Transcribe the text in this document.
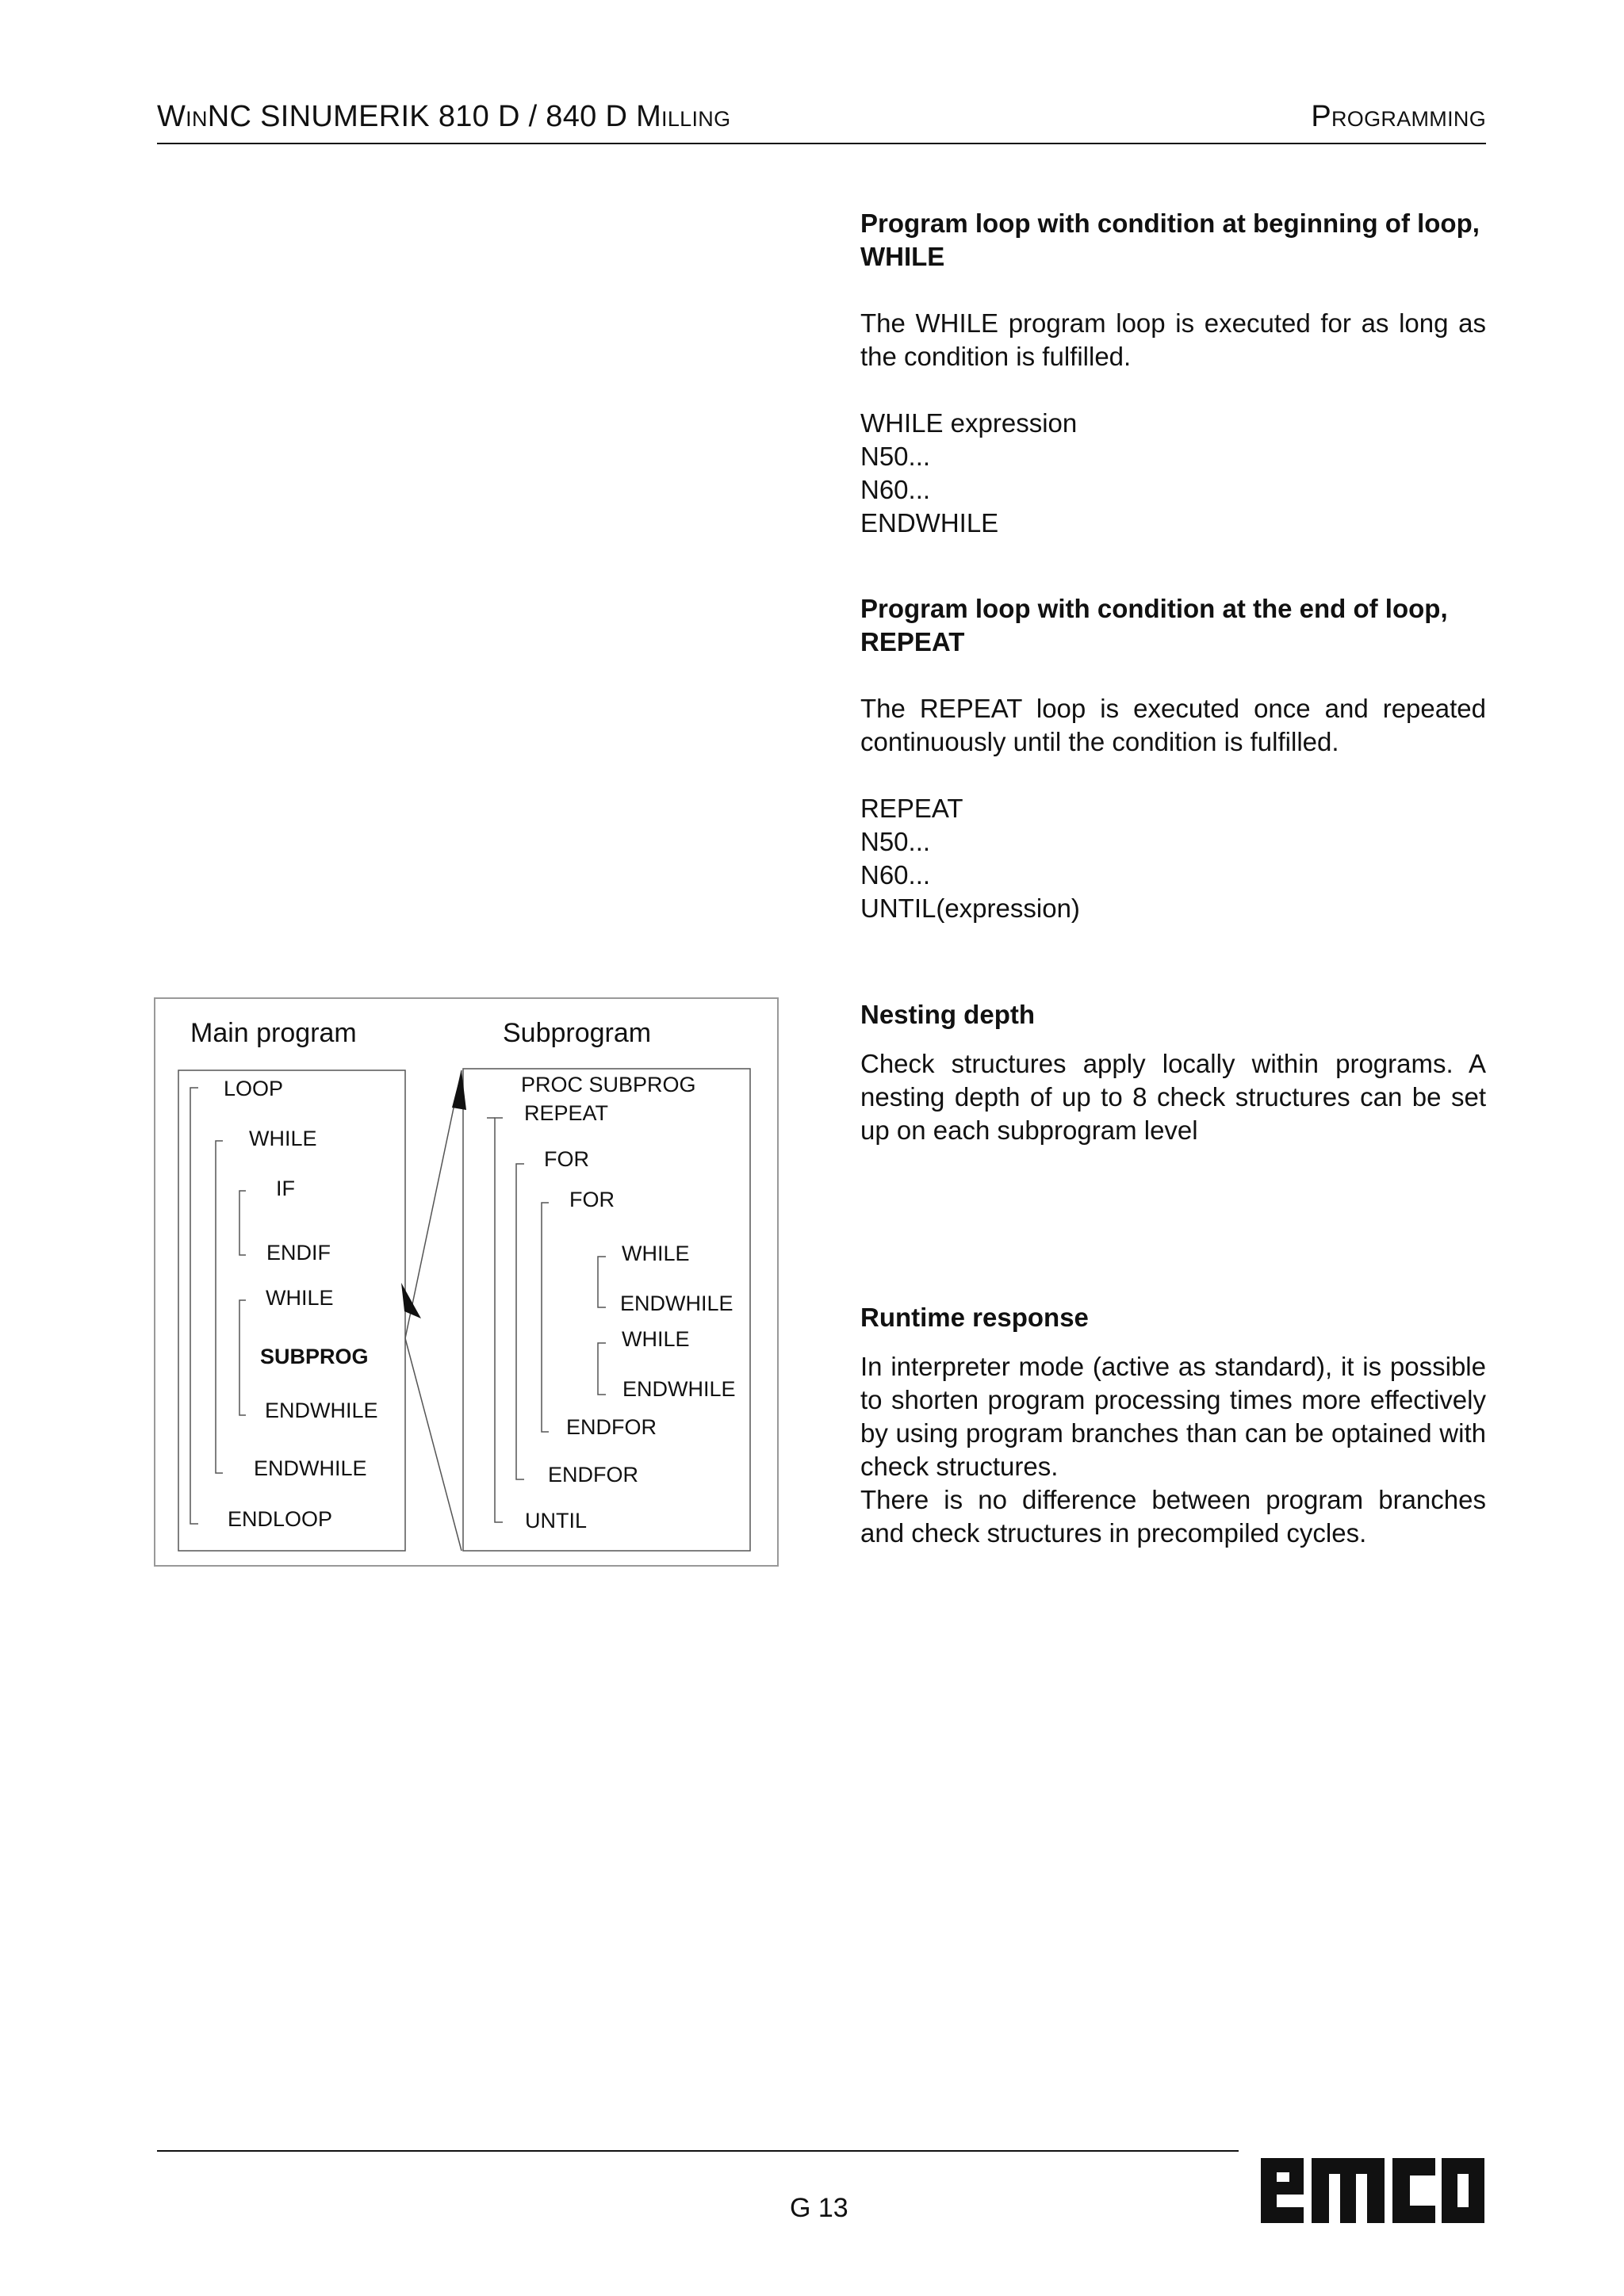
WinNC SINUMERIK 810 D / 840 D Milling	Programming
Program loop with condition at beginning of loop, WHILE

The WHILE program loop is executed for as long as the condition is fulfilled.

WHILE expression
N50...
N60...
ENDWHILE
Program loop with condition at the end of loop, REPEAT

The REPEAT loop is executed once and repeated continuously until the condition is fulfilled.

REPEAT
N50...
N60...
UNTIL(expression)
Nesting depth

Check structures apply locally within programs. A nesting depth of up to 8 check structures can be set up on each subprogram level

Runtime response

In interpreter mode (active as standard), it is possible to shorten program processing times more effectively by using program branches than can be optained with check structures.

There is no difference between program branches and check structures in precompiled cycles.

Main program	Subprogram
LOOP
WHILE
IF
ENDIF
WHILE
SUBPROG
ENDWHILE
ENDWHILE
ENDLOOP
PROC SUBPROG
REPEAT
FOR
FOR
WHILE
ENDWHILE
WHILE
ENDWHILE
ENDFOR
ENDFOR
UNTIL
G 13
emco
